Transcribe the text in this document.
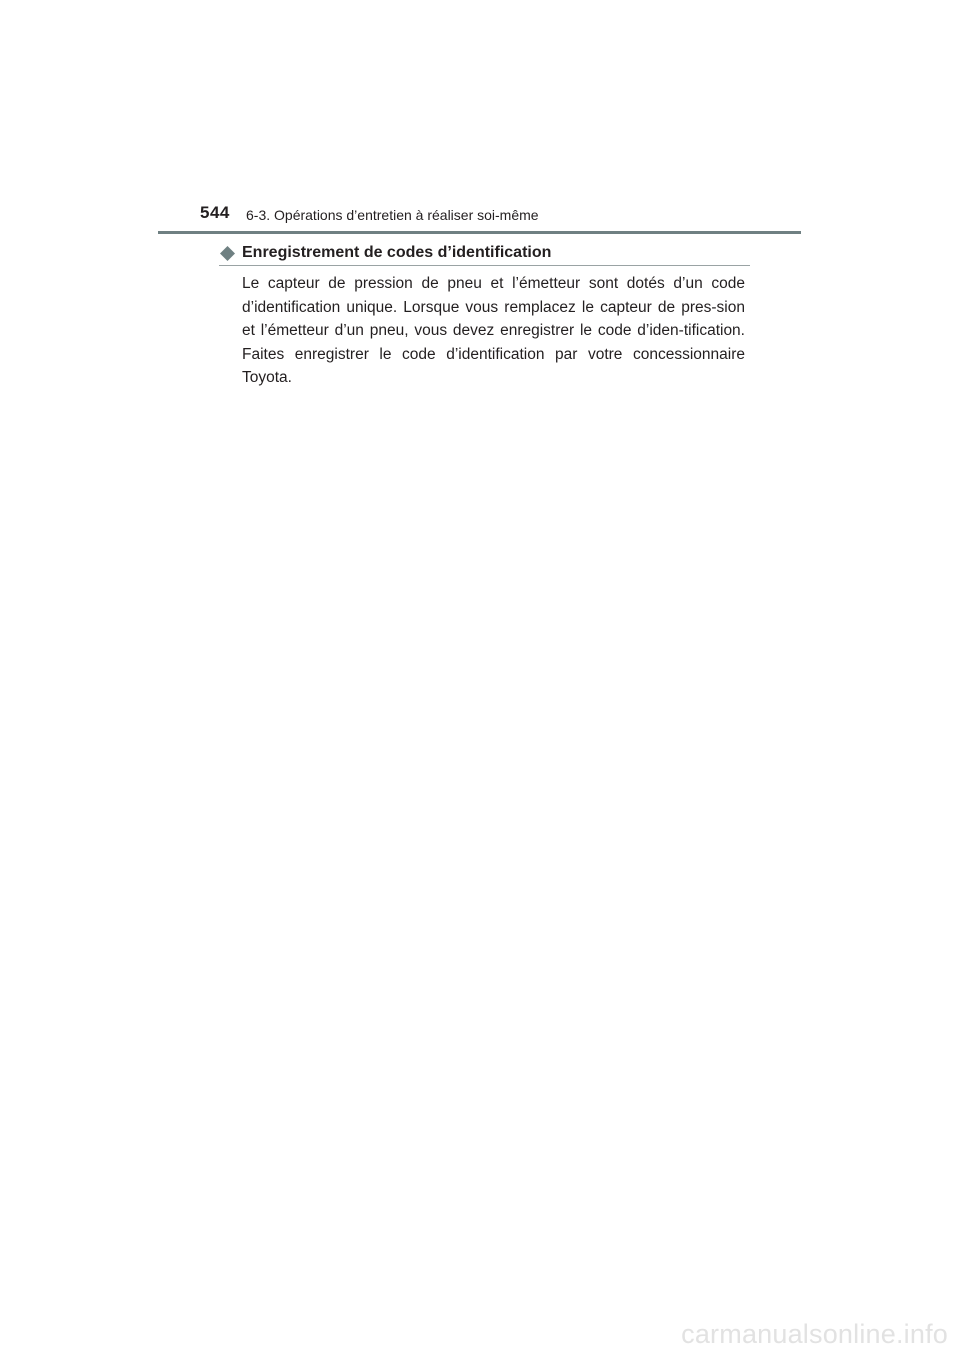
544 6-3. Opérations d’entretien à réaliser soi-même
Enregistrement de codes d’identification
Le capteur de pression de pneu et l’émetteur sont dotés d’un code d’identification unique. Lorsque vous remplacez le capteur de pres-sion et l’émetteur d’un pneu, vous devez enregistrer le code d’iden-tification. Faites enregistrer le code d’identification par votre concessionnaire Toyota.
carmanualsonline.info
